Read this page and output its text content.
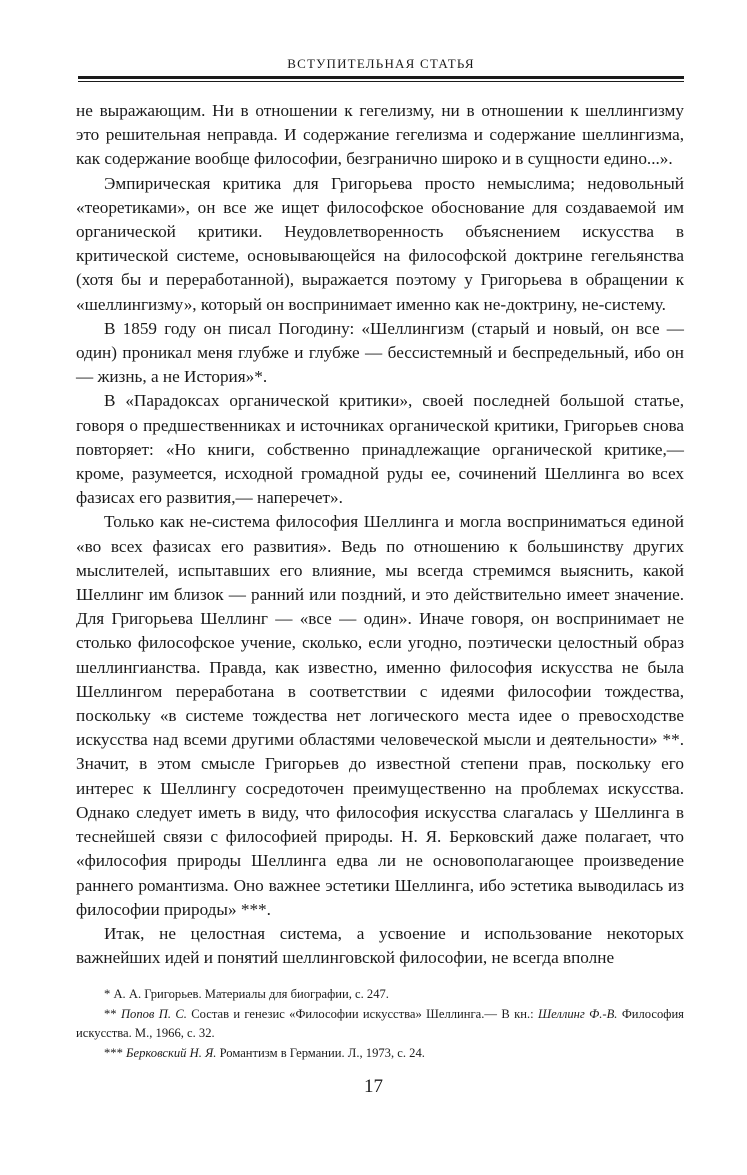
ВСТУПИТЕЛЬНАЯ СТАТЬЯ

не выражающим. Ни в отношении к гегелизму, ни в отношении к шеллингизму это решительная неправда. И содержание гегелизма и содержание шеллингизма, как содержание вообще философии, безгранично широко и в сущности едино...».

Эмпирическая критика для Григорьева просто немыслима; недовольный «теоретиками», он все же ищет философское обоснование для создаваемой им органической критики. Неудовлетворенность объяснением искусства в критической системе, основывающейся на философской доктрине гегельянства (хотя бы и переработанной), выражается поэтому у Григорьева в обращении к «шеллингизму», который он воспринимает именно как не-доктрину, не-систему.

В 1859 году он писал Погодину: «Шеллингизм (старый и новый, он все — один) проникал меня глубже и глубже — бессистемный и беспредельный, ибо он — жизнь, а не История»*.

В «Парадоксах органической критики», своей последней большой статье, говоря о предшественниках и источниках органической критики, Григорьев снова повторяет: «Но книги, собственно принадлежащие органической критике,— кроме, разумеется, исходной громадной руды ее, сочинений Шеллинга во всех фазисах его развития,— наперечет».

Только как не-система философия Шеллинга и могла восприниматься единой «во всех фазисах его развития». Ведь по отношению к большинству других мыслителей, испытавших его влияние, мы всегда стремимся выяснить, какой Шеллинг им близок — ранний или поздний, и это действительно имеет значение. Для Григорьева Шеллинг — «все — один». Иначе говоря, он воспринимает не столько философское учение, сколько, если угодно, поэтически целостный образ шеллингианства. Правда, как известно, именно философия искусства не была Шеллингом переработана в соответствии с идеями философии тождества, поскольку «в системе тождества нет логического места идее о превосходстве искусства над всеми другими областями человеческой мысли и деятельности» **. Значит, в этом смысле Григорьев до известной степени прав, поскольку его интерес к Шеллингу сосредоточен преимущественно на проблемах искусства. Однако следует иметь в виду, что философия искусства слагалась у Шеллинга в теснейшей связи с философией природы. Н. Я. Берковский даже полагает, что «философия природы Шеллинга едва ли не основополагающее произведение раннего романтизма. Оно важнее эстетики Шеллинга, ибо эстетика выводилась из философии природы» ***.

Итак, не целостная система, а усвоение и использование некоторых важнейших идей и понятий шеллинговской философии, не всегда вполне

* А. А. Григорьев. Материалы для биографии, с. 247.

** Попов П. С. Состав и генезис «Философии искусства» Шеллинга.— В кн.: Шеллинг Ф.-В. Философия искусства. М., 1966, с. 32.

*** Берковский Н. Я. Романтизм в Германии. Л., 1973, с. 24.

17
